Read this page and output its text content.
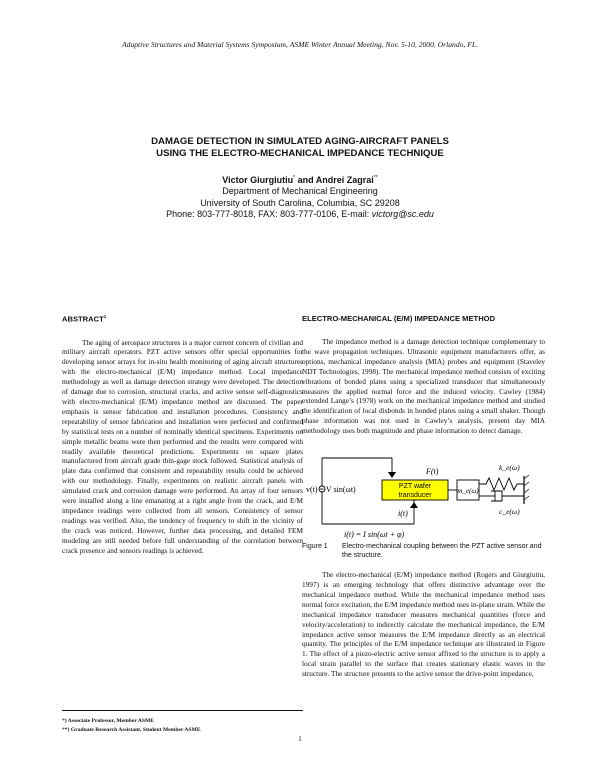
Adaptive Structures and Material Systems Symposium, ASME Winter Annual Meeting, Nov. 5-10, 2000, Orlando, FL.
DAMAGE DETECTION IN SIMULATED AGING-AIRCRAFT PANELS
USING THE ELECTRO-MECHANICAL IMPEDANCE TECHNIQUE
Victor Giurgiutiu* and Andrei Zagrai**
Department of Mechanical Engineering
University of South Carolina, Columbia, SC 29208
Phone: 803-777-8018, FAX: 803-777-0106, E-mail: victorg@sc.edu
ABSTRACT$^1$

The aging of aerospace structures is a major current concern of civilian and military aircraft operators. PZT active sensors offer special opportunities for developing sensor arrays for in-situ health monitoring of aging aircraft structures with the electro-mechanical (E/M) impedance method. Local impedance methodology as well as damage detection strategy were developed. The detection of damage due to corrosion, structural cracks, and active sensor self-diagnostics with electro-mechanical (E/M) impedance method are discussed. The paper emphasis is sensor fabrication and installation procedures. Consistency and repeatability of sensor fabrication and installation were perfected and confirmed by statistical tests on a number of nominally identical specimens. Experiments on simple metallic beams were then performed and the results were compared with readily available theoretical predictions. Experiments on square plates manufactured from aircraft grade thin-gage stock followed. Statistical analysis of plate data confirmed that consistent and repeatability results could be achieved with our methodology. Finally, experiments on realistic aircraft panels with simulated crack and corrosion damage were performed. An array of four sensors were installed along a line emanating at a right angle from the crack, and E/M impedance readings were collected from all sensors. Consistency of sensor readings was verified. Also, the tendency of frequency to shift in the vicinity of the crack was noticed. However, further data processing, and detailed FEM modeling are still needed before full understanding of the correlation between crack presence and sensors readings is achieved.

ELECTRO-MECHANICAL (E/M) IMPEDANCE METHOD

The impedance method is a damage detection technique complementary to the wave propagation techniques. Ultrasonic equipment manufacturers offer, as options, mechanical impedance analysis (MIA) probes and equipment (Staveley NDT Technologies, 1998). The mechanical impedance method consists of exciting vibrations of bonded plates using a specialized transducer that simultaneously measures the applied normal force and the induced velocity. Cawley (1984) extended Lange’s (1978) work on the mechanical impedance method and studied the identification of local disbonds in bonded plates using a small shaker. Though phase information was not used in Cawley’s analysis, present day MIA methodology uses both magnitude and phase information to detect damage.

v(t) = V sin(ωt)
i(t) = I sin(ωt + φ)
i(t)
F(t)
PZT wafer
transducer
m_e(ω)
k_e(ω)
c_e(ω)
Figure 1	Electro-mechanical coupling between the PZT active sensor and the structure.

The electro-mechanical (E/M) impedance method (Rogers and Giurgiutiu, 1997) is an emerging technology that offers distinctive advantage over the mechanical impedance method. While the mechanical impedance method uses normal force excitation, the E/M impedance method uses in-plane strain. While the mechanical impedance transducer measures mechanical quantities (force and velocity/acceleration) to indirectly calculate the mechanical impedance, the E/M impedance active sensor measures the E/M impedance directly as an electrical quantity. The principles of the E/M impedance technique are illustrated in Figure 1. The effect of a piezo-electric active sensor affixed to the structure is to apply a local strain parallel to the surface that creates stationary elastic waves in the structure. The structure presents to the active sensor the drive-point impedance,

*) Associate Professor, Member ASME
**) Graduate Research Assistant, Student Member ASME
1
